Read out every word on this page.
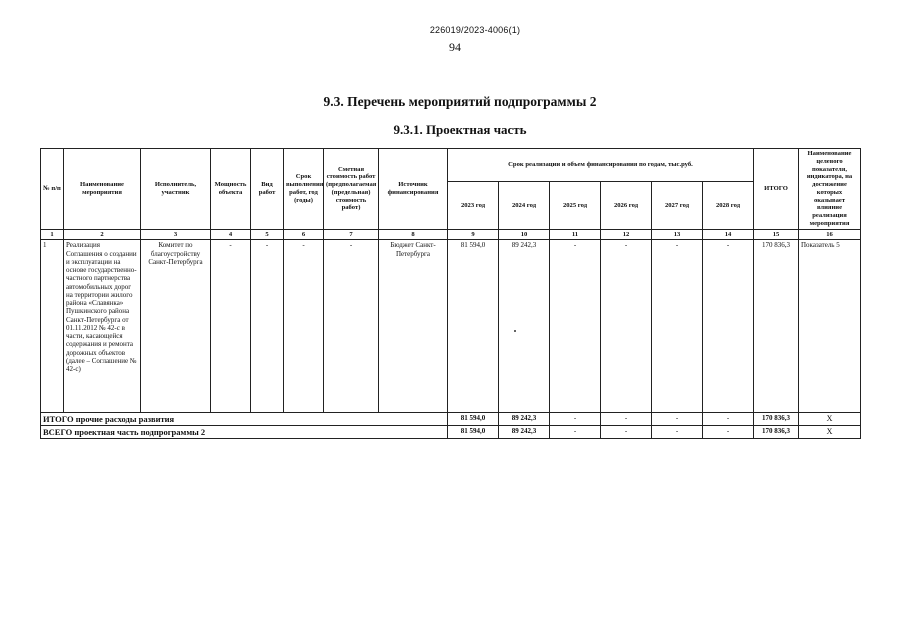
226019/2023-4006(1)
94
9.3. Перечень мероприятий подпрограммы 2
9.3.1. Проектная часть
№ п/п	Наименование мероприятия	Исполнитель, участник	Мощность объекта	Вид работ	Срок выполнения работ, год (годы)	Сметная стоимость работ (предполагаемая (предельная) стоимость работ)	Источник финансирования	Срок реализации и объем финансирования по годам, тыс.руб.						ИТОГО	Наименование целевого показателя, индикатора, на достижение которых оказывает влияние реализация мероприятия
								2023 год	2024 год	2025 год	2026 год	2027 год	2028 год		
1	2	3	4	5	6	7	8	9	10	11	12	13	14	15	16
1	Реализация Соглашения о создании и эксплуатации на основе государственно-частного партнерства автомобильных дорог на территории жилого района «Славянка» Пушкинского района Санкт-Петербурга от 01.11.2012 № 42-с в части, касающейся содержания и ремонта дорожных объектов (далее – Соглашение № 42-с)	Комитет по благоустройству Санкт-Петербурга	-	-	-	-	Бюджет Санкт-Петербурга	81 594,0	89 242,3	-	-	-	-	170 836,3	Показатель 5
ИТОГО прочие расходы развития								81 594,0	89 242,3	-	-	-	-	170 836,3	Х
ВСЕГО проектная часть подпрограммы 2								81 594,0	89 242,3	-	-	-	-	170 836,3	Х
